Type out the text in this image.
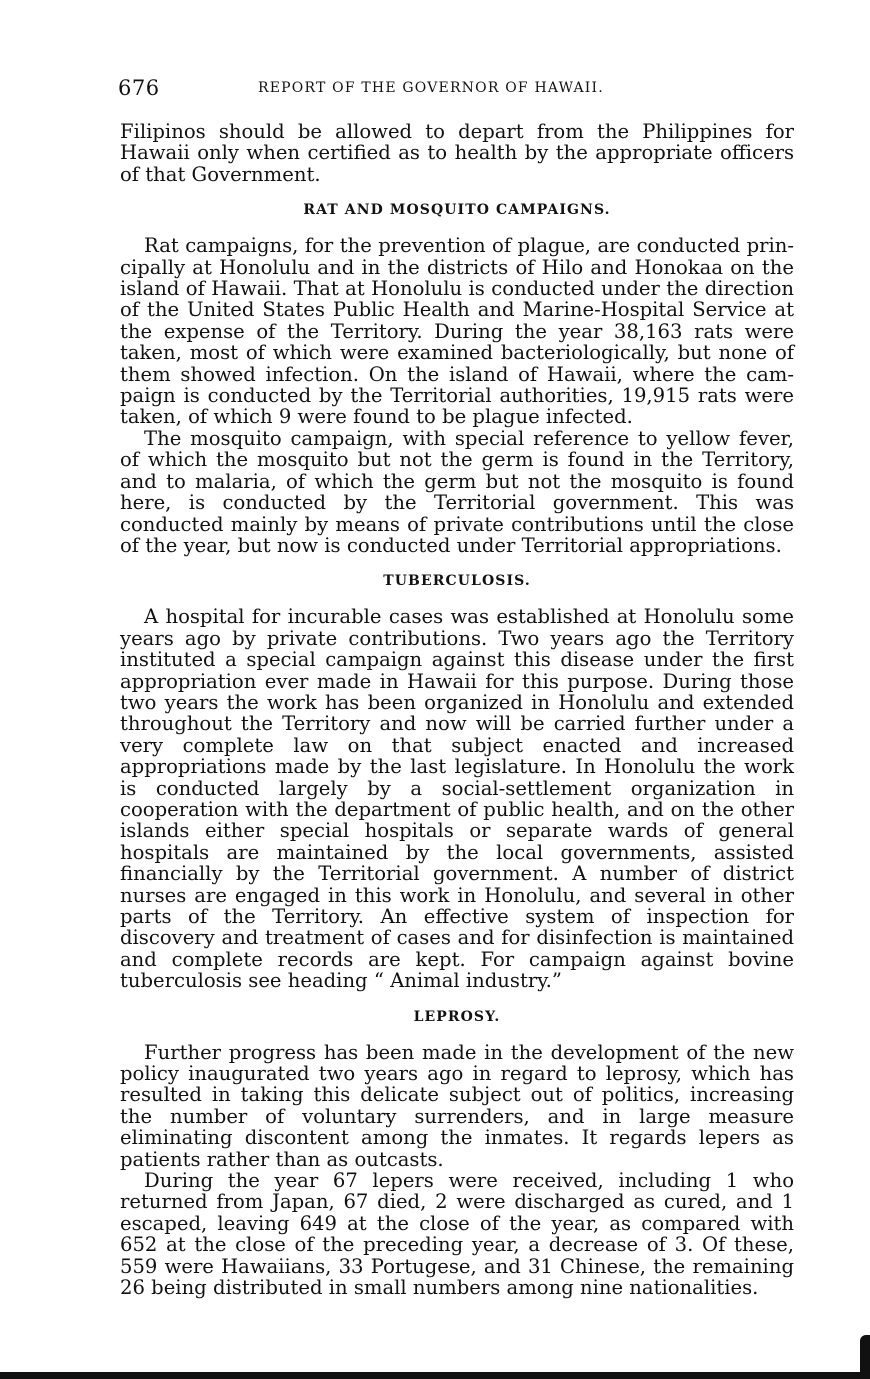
676	REPORT OF THE GOVERNOR OF HAWAII.

Filipinos should be allowed to depart from the Philippines for Hawaii only when certified as to health by the appropriate officers of that Government.

RAT AND MOSQUITO CAMPAIGNS.

Rat campaigns, for the prevention of plague, are conducted principally at Honolulu and in the districts of Hilo and Honokaa on the island of Hawaii. That at Honolulu is conducted under the direction of the United States Public Health and Marine-Hospital Service at the expense of the Territory. During the year 38,163 rats were taken, most of which were examined bacteriologically, but none of them showed infection. On the island of Hawaii, where the campaign is conducted by the Territorial authorities, 19,915 rats were taken, of which 9 were found to be plague infected.

The mosquito campaign, with special reference to yellow fever, of which the mosquito but not the germ is found in the Territory, and to malaria, of which the germ but not the mosquito is found here, is conducted by the Territorial government. This was conducted mainly by means of private contributions until the close of the year, but now is conducted under Territorial appropriations.

TUBERCULOSIS.

A hospital for incurable cases was established at Honolulu some years ago by private contributions. Two years ago the Territory instituted a special campaign against this disease under the first appropriation ever made in Hawaii for this purpose. During those two years the work has been organized in Honolulu and extended throughout the Territory and now will be carried further under a very complete law on that subject enacted and increased appropriations made by the last legislature. In Honolulu the work is conducted largely by a social-settlement organization in cooperation with the department of public health, and on the other islands either special hospitals or separate wards of general hospitals are maintained by the local governments, assisted financially by the Territorial government. A number of district nurses are engaged in this work in Honolulu, and several in other parts of the Territory. An effective system of inspection for discovery and treatment of cases and for disinfection is maintained and complete records are kept. For campaign against bovine tuberculosis see heading “ Animal industry.”

LEPROSY.

Further progress has been made in the development of the new policy inaugurated two years ago in regard to leprosy, which has resulted in taking this delicate subject out of politics, increasing the number of voluntary surrenders, and in large measure eliminating discontent among the inmates. It regards lepers as patients rather than as outcasts.

During the year 67 lepers were received, including 1 who returned from Japan, 67 died, 2 were discharged as cured, and 1 escaped, leaving 649 at the close of the year, as compared with 652 at the close of the preceding year, a decrease of 3. Of these, 559 were Hawaiians, 33 Portugese, and 31 Chinese, the remaining 26 being distributed in small numbers among nine nationalities.
